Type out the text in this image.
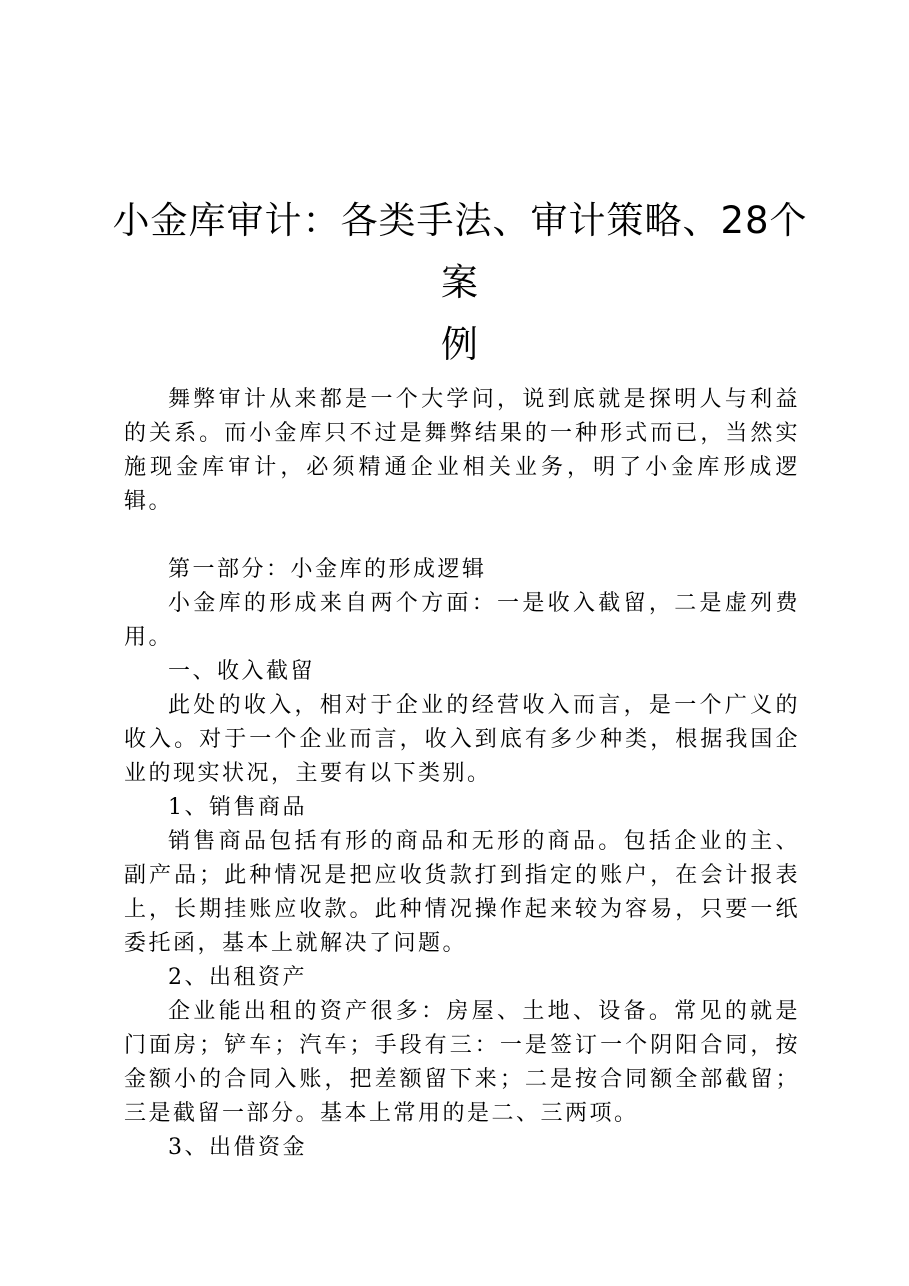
小金库审计：各类手法、审计策略、28个案
例

舞弊审计从来都是一个大学问，说到底就是探明人与利益的关系。而小金库只不过是舞弊结果的一种形式而已，当然实施现金库审计，必须精通企业相关业务，明了小金库形成逻辑。

第一部分：小金库的形成逻辑

小金库的形成来自两个方面：一是收入截留，二是虚列费用。

一、收入截留

此处的收入，相对于企业的经营收入而言，是一个广义的收入。对于一个企业而言，收入到底有多少种类，根据我国企业的现实状况，主要有以下类别。

1、销售商品

销售商品包括有形的商品和无形的商品。包括企业的主、副产品；此种情况是把应收货款打到指定的账户，在会计报表上，长期挂账应收款。此种情况操作起来较为容易，只要一纸委托函，基本上就解决了问题。

2、出租资产

企业能出租的资产很多：房屋、土地、设备。常见的就是门面房；铲车；汽车；手段有三：一是签订一个阴阳合同，按金额小的合同入账，把差额留下来；二是按合同额全部截留；三是截留一部分。基本上常用的是二、三两项。

3、出借资金
